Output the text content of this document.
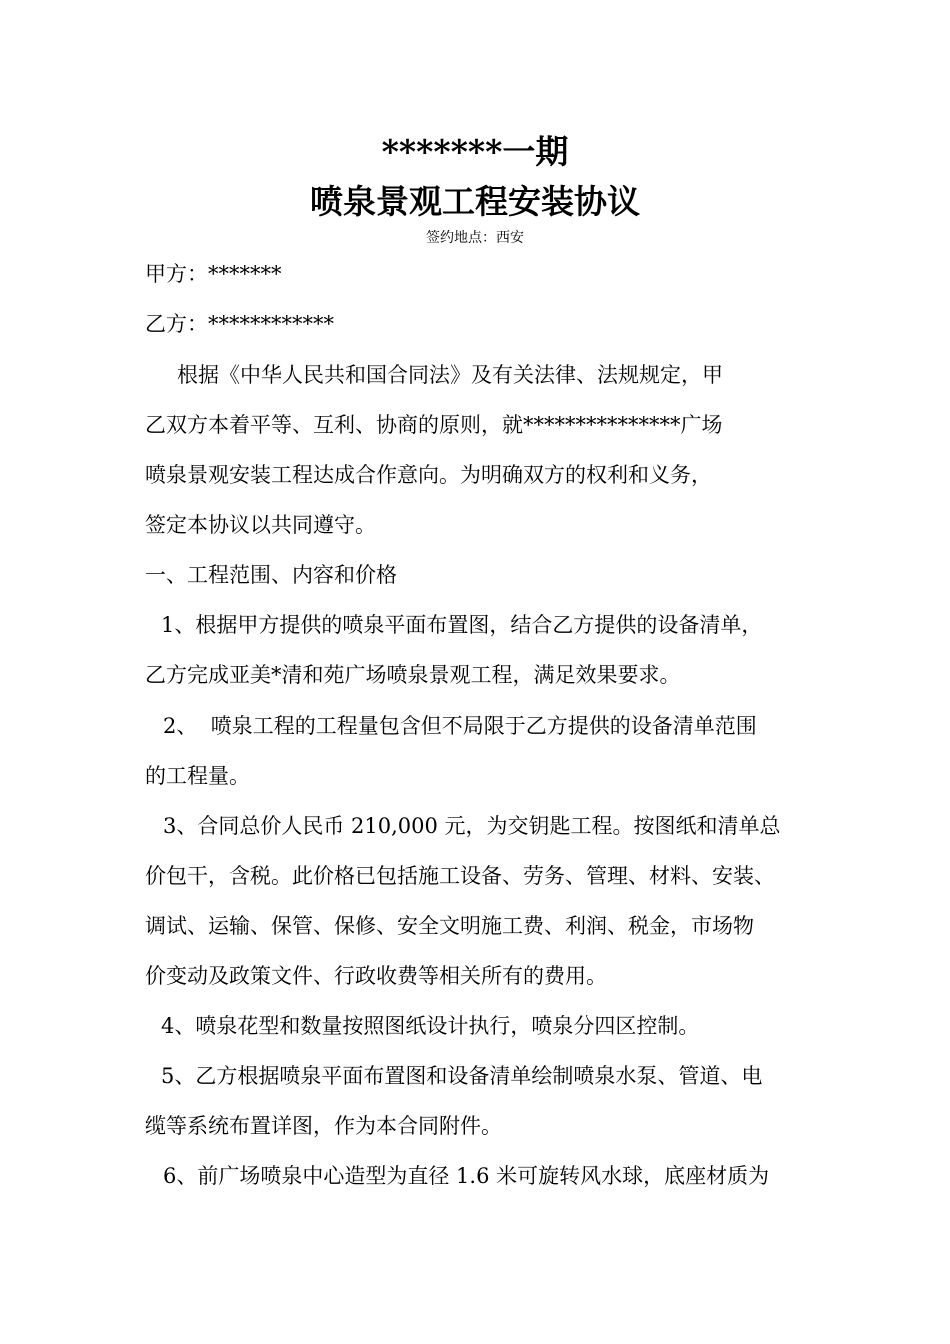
*******一期
喷泉景观工程安装协议
签约地点：西安
甲方：*******
乙方：************
根据《中华人民共和国合同法》及有关法律、法规规定，甲
乙双方本着平等、互利、协商的原则，就***************广场
喷泉景观安装工程达成合作意向。为明确双方的权利和义务，
签定本协议以共同遵守。
一、工程范围、内容和价格
1、根据甲方提供的喷泉平面布置图，结合乙方提供的设备清单，
乙方完成亚美*清和苑广场喷泉景观工程，满足效果要求。
2、  喷泉工程的工程量包含但不局限于乙方提供的设备清单范围
的工程量。
3、合同总价人民币 210,000 元，为交钥匙工程。按图纸和清单总
价包干，含税。此价格已包括施工设备、劳务、管理、材料、安装、
调试、运输、保管、保修、安全文明施工费、利润、税金，市场物
价变动及政策文件、行政收费等相关所有的费用。
4、喷泉花型和数量按照图纸设计执行，喷泉分四区控制。
5、乙方根据喷泉平面布置图和设备清单绘制喷泉水泵、管道、电
缆等系统布置详图，作为本合同附件。
6、前广场喷泉中心造型为直径 1.6 米可旋转风水球，底座材质为
